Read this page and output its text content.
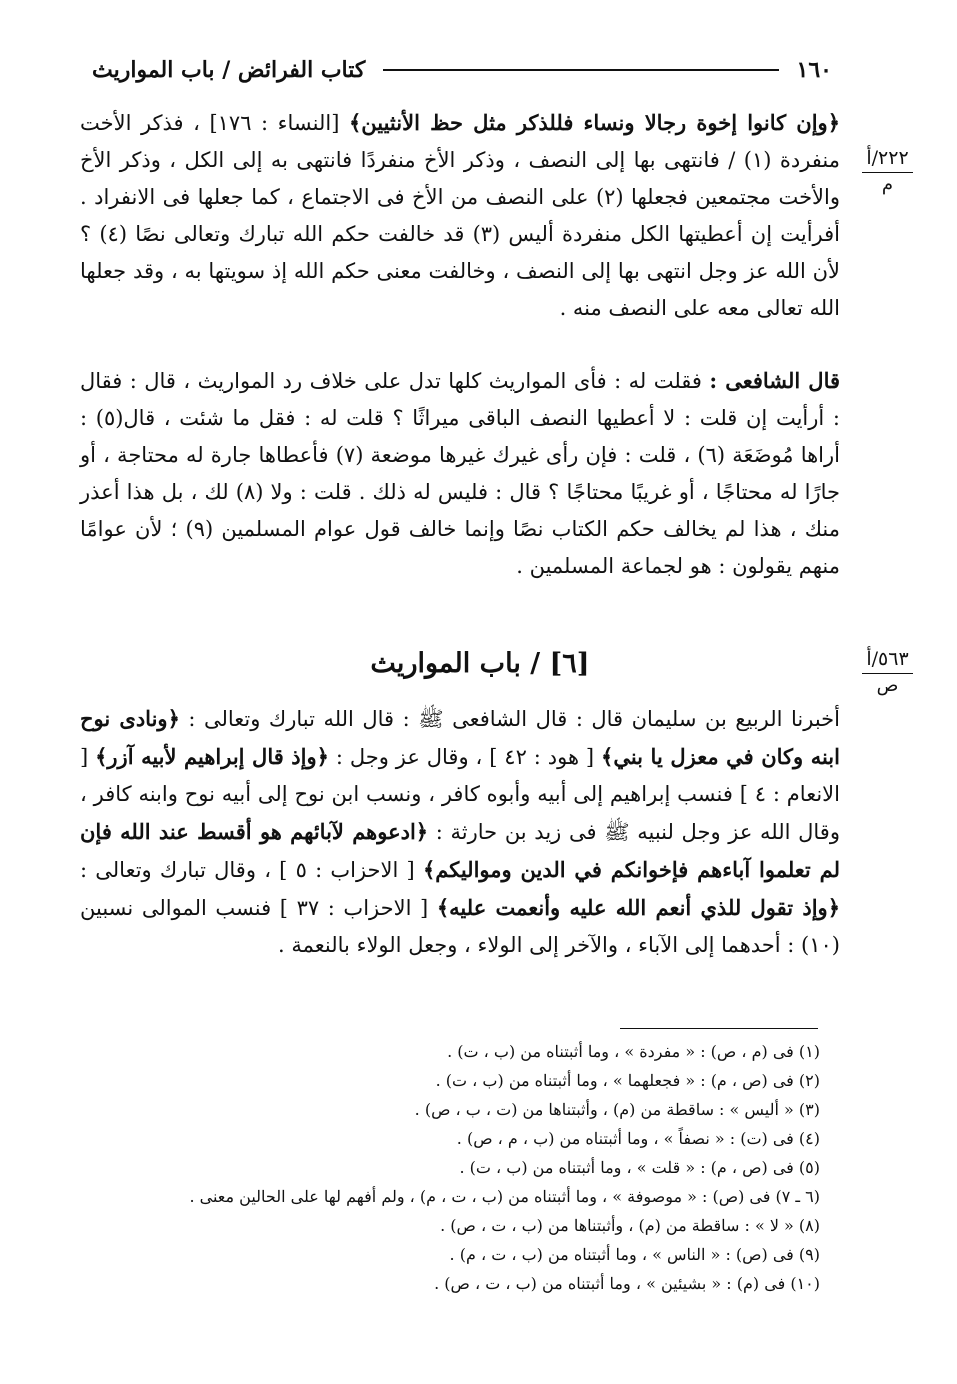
١٦٠
كتاب الفرائض / باب المواريث
٢٢٢/أ
م

﴿وإن كانوا إخوة رجالا ونساء فللذكر مثل حظ الأنثيين﴾ [النساء : ١٧٦] ، فذكر الأخت منفردة (١) / فانتهى بها إلى النصف ، وذكر الأخ منفردًا فانتهى به إلى الكل ، وذكر الأخ والأخت مجتمعين فجعلها (٢) على النصف من الأخ فى الاجتماع ، كما جعلها فى الانفراد . أفرأيت إن أعطيتها الكل منفردة أليس (٣) قد خالفت حكم الله تبارك وتعالى نصًا (٤) ؟ لأن الله عز وجل انتهى بها إلى النصف ، وخالفت معنى حكم الله إذ سويتها به ، وقد جعلها الله تعالى معه على النصف منه .

قال الشافعى : فقلت له : فأى المواريث كلها تدل على خلاف رد المواريث ، قال : فقال : أرأيت إن قلت : لا أعطيها النصف الباقى ميراثًا ؟ قلت له : فقل ما شئت ، قال(٥) : أراها مُوضَعَة (٦) ، قلت : فإن رأى غيرك غيرها موضعة (٧) فأعطاها جارة له محتاجة ، أو جارًا له محتاجًا ، أو غريبًا محتاجًا ؟ قال : فليس له ذلك . قلت : ولا (٨) لك ، بل هذا أعذر منك ، هذا لم يخالف حكم الكتاب نصًا وإنما خالف قول عوام المسلمين (٩) ؛ لأن عوامًا منهم يقولون : هو لجماعة المسلمين .

٥٦٣/أ
ص
[٦] / باب المواريث

أخبرنا الربيع بن سليمان قال : قال الشافعى ﷺ : قال الله تبارك وتعالى : ﴿ونادى نوح ابنه وكان في معزل يا بني﴾ [ هود : ٤٢ ] ، وقال عز وجل : ﴿وإذ قال إبراهيم لأبيه آزر﴾ [ الانعام : ٤ ] فنسب إبراهيم إلى أبيه وأبوه كافر ، ونسب ابن نوح إلى أبيه نوح وابنه كافر ، وقال الله عز وجل لنبيه ﷺ فى زيد بن حارثة : ﴿ادعوهم لآبائهم هو أقسط عند الله فإن لم تعلموا آباءهم فإخوانكم في الدين ومواليكم﴾ [ الاحزاب : ٥ ] ، وقال تبارك وتعالى : ﴿وإذ تقول للذي أنعم الله عليه وأنعمت عليه﴾ [ الاحزاب : ٣٧ ] فنسب الموالى نسبين (١٠) : أحدهما إلى الآباء ، والآخر إلى الولاء ، وجعل الولاء بالنعمة .

(١) فى (م ، ص) : « مفردة » ، وما أثبتناه من (ب ، ت) .

(٢) فى (ص ، م) : « فجعلهما » ، وما أثبتناه من (ب ، ت) .

(٣) « أليس » : ساقطة من (م) ، وأثبتناها من (ت ، ب ، ص) .

(٤) فى (ت) : « نصفاً » ، وما أثبتناه من (ب ، م ، ص) .

(٥) فى (ص ، م) : « قلت » ، وما أثبتناه من (ب ، ت) .

(٦ ـ ٧) فى (ص) : « موصوفة » ، وما أثبتناه من (ب ، ت ، م) ، ولم أفهم لها على الحالين معنى .

(٨) « لا » : ساقطة من (م) ، وأثبتناها من (ب ، ت ، ص) .

(٩) فى (ص) : « الناس » ، وما أثبتناه من (ب ، ت ، م) .

(١٠) فى (م) : « بشيئين » ، وما أثبتناه من (ب ، ت ، ص) .
